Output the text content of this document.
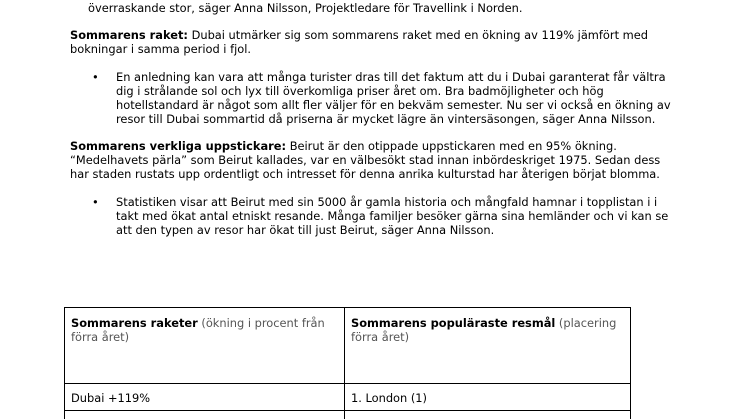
överraskande stor, säger Anna Nilsson, Projektledare för Travellink i Norden.

Sommarens raket: Dubai utmärker sig som sommarens raket med en ökning av 119% jämfört med

bokningar i samma period i fjol.

• En anledning kan vara att många turister dras till det faktum att du i Dubai garanterat får vältra

dig i strålande sol och lyx till överkomliga priser året om. Bra badmöjligheter och hög

hotellstandard är något som allt fler väljer för en bekväm semester. Nu ser vi också en ökning av

resor till Dubai sommartid då priserna är mycket lägre än vintersäsongen, säger Anna Nilsson.

Sommarens verkliga uppstickare: Beirut är den otippade uppstickaren med en 95% ökning.

“Medelhavets pärla” som Beirut kallades, var en välbesökt stad innan inbördeskriget 1975. Sedan dess

har staden rustats upp ordentligt och intresset för denna anrika kulturstad har återigen börjat blomma.

• Statistiken visar att Beirut med sin 5000 år gamla historia och mångfald hamnar i topplistan i i

takt med ökat antal etniskt resande. Många familjer besöker gärna sina hemländer och vi kan se

att den typen av resor har ökat till just Beirut, säger Anna Nilsson.

Sommarens raketer (ökning i procent från förra året)	Sommarens populäraste resmål (placering förra året)
Dubai +119%	1. London (1)
